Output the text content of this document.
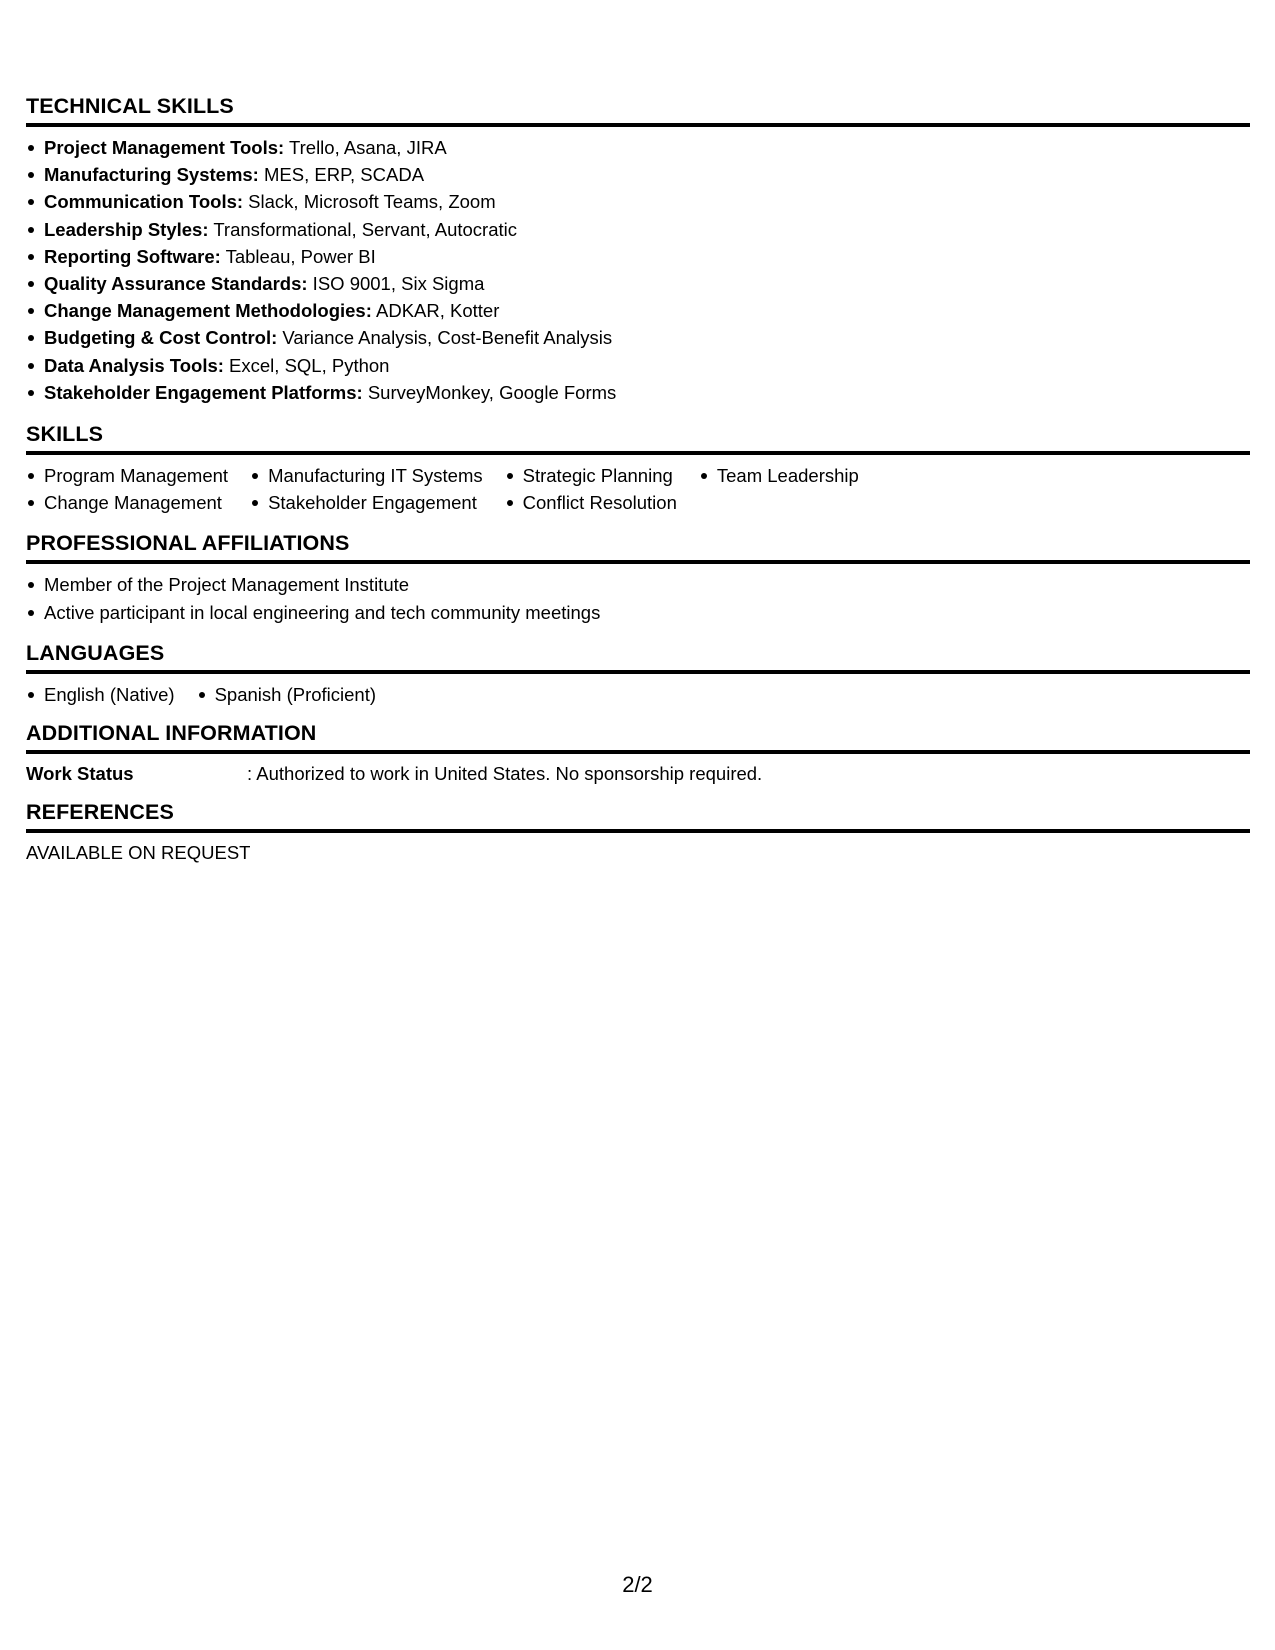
TECHNICAL SKILLS
Project Management Tools: Trello, Asana, JIRA
Manufacturing Systems: MES, ERP, SCADA
Communication Tools: Slack, Microsoft Teams, Zoom
Leadership Styles: Transformational, Servant, Autocratic
Reporting Software: Tableau, Power BI
Quality Assurance Standards: ISO 9001, Six Sigma
Change Management Methodologies: ADKAR, Kotter
Budgeting & Cost Control: Variance Analysis, Cost-Benefit Analysis
Data Analysis Tools: Excel, SQL, Python
Stakeholder Engagement Platforms: SurveyMonkey, Google Forms
SKILLS
Program Management
Change Management
Manufacturing IT Systems
Stakeholder Engagement
Strategic Planning
Conflict Resolution
Team Leadership
PROFESSIONAL AFFILIATIONS
Member of the Project Management Institute
Active participant in local engineering and tech community meetings
LANGUAGES
English (Native)	Spanish (Proficient)
ADDITIONAL INFORMATION
Work Status	: Authorized to work in United States. No sponsorship required.
REFERENCES
AVAILABLE ON REQUEST
2/2
